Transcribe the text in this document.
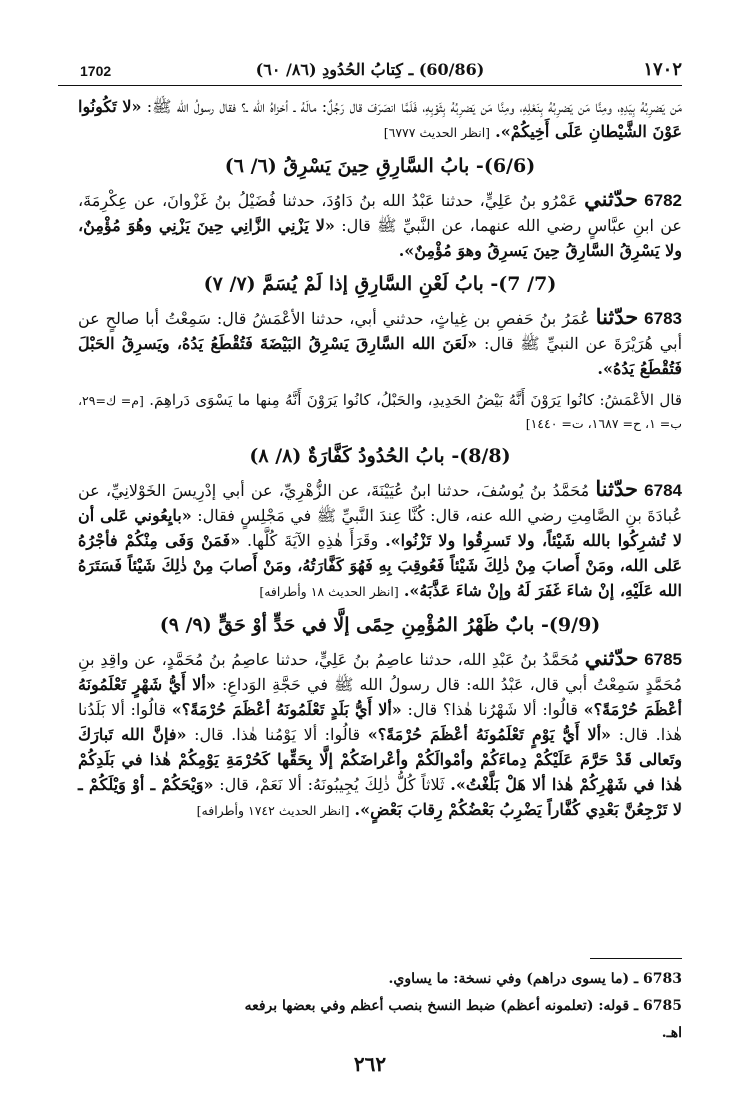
1702	(60/86) ـ كِتابُ الحُدُودِ (٨٦/ ٦٠)	١٧٠٢

مَن يَضرِبُهُ بِيَدِهِ، ومِنَّا مَن يَضرِبُهُ بِنَعْلِهِ، ومِنَّا مَن يَضرِبُهُ بِثَوْبِهِ، فَلَمَّا انصَرَفَ قال رَجُلٌ: مالَهُ ـ أخزاهُ الله ـ؟ فقال رسولُ الله ﷺ: «لا تَكُونُوا عَوْنَ الشَّيْطانِ عَلَى أَخِيكُمْ». [انظر الحديث ٦٧٧٧]

(6/6)- بابُ السَّارِقِ حِينَ يَسْرِقُ (٦/ ٦)

6782 حدّثني عَمْرُو بنُ عَلِيٍّ، حدثنا عَبْدُ الله بنُ دَاوُدَ، حدثنا فُضَيْلُ بنُ غَزْوانَ، عن عِكْرِمَةَ، عن ابنِ عبَّاسٍ رضي الله عنهما، عن النَّبيِّ ﷺ قال: «لا يَزْنِي الزَّانِي حِينَ يَزْنِي وهُوَ مُؤْمِنٌ، ولا يَسْرِقُ السَّارِقُ حِينَ يَسرِقُ وهوَ مُؤْمِنٌ».

(7/ 7)- بابُ لَعْنِ السَّارِقِ إذا لَمْ يُسَمَّ (٧/ ٧)

6783 حدّثنا عُمَرُ بنُ حَفصِ بن غِياثٍ، حدثني أبي، حدثنا الأعْمَشُ قال: سَمِعْتُ أبا صالحٍ عن أبي هُرَيْرَةَ عن النبيِّ ﷺ قال: «لَعَنَ الله السَّارِقَ يَسْرِقُ البَيْضَةَ فَتُقْطَعُ يَدُهُ، ويَسرِقُ الحَبْلَ فَتُقْطَعُ يَدُهُ».

قال الأعْمَشُ: كانُوا يَرَوْنَ أَنَّهُ بَيْضُ الحَدِيدِ، والحَبْلُ، كانُوا يَرَوْنَ أَنَّهُ مِنها ما يَسْوَى دَراهِمَ. [م= ك=٢٩، ب= ١، ح= ١٦٨٧، ت= ١٤٤٠]

(8/8)- بابُ الحُدُودُ كَفَّارَةٌ (٨/ ٨)

6784 حدّثنا مُحَمَّدُ بنُ يُوسُفَ، حدثنا ابنُ عُيَيْنَةَ، عن الزُّهْرِيِّ، عن أبي إدْرِيسَ الخَوْلانِيِّ، عن عُبادَةَ بنِ الصَّامِتِ رضي الله عنه، قال: كُنَّا عِندَ النَّبيِّ ﷺ في مَجْلِسٍ فقال: «بايِعُوني عَلى أن لا تُشرِكُوا بالله شَيْئاً، ولا تَسرِقُوا ولا تَزْنُوا». وقَرَأَ هٰذِهِ الآيَةَ كُلَّها. «فَمَنْ وَفَى مِنْكُمْ فأجْرُهُ عَلى الله، ومَنْ أَصابَ مِنْ ذٰلِكَ شَيْئاً فَعُوقِبَ بِهِ فَهُوَ كَفَّارَتُهُ، ومَنْ أَصابَ مِنْ ذٰلِكَ شَيْئاً فَسَتَرَهُ الله عَلَيْهِ، إنْ شاءَ غَفَرَ لَهُ وإنْ شاءَ عَذَّبَهُ». [انظر الحديث ١٨ وأطرافه]

(9/9)- بابٌ ظَهْرُ المُؤْمِنِ حِمًى إلَّا في حَدٍّ أوْ حَقٍّ (٩/ ٩)

6785 حدّثني مُحَمَّدُ بنُ عَبْدِ الله، حدثنا عاصِمُ بنُ عَلِيٍّ، حدثنا عاصِمُ بنُ مُحَمَّدٍ، عن واقِدِ بنِ مُحَمَّدٍ سَمِعْتُ أبي قال، عَبْدُ الله: قال رسولُ الله ﷺ في حَجَّةِ الوَداعِ: «ألا أَيُّ شَهْرٍ تَعْلَمُونَهُ أعْظَمَ حُرْمَةً؟» قالُوا: ألا شَهْرُنا هٰذا؟ قال: «ألا أَيُّ بَلَدٍ تَعْلَمُونَهُ أعْظَمَ حُرْمَةً؟» قالُوا: ألا بَلَدُنا هٰذا. قال: «ألا أَيُّ يَوْمٍ تَعْلَمُونَهُ أعْظَمَ حُرْمَةً؟» قالُوا: ألا يَوْمُنا هٰذا. قال: «فإنَّ الله تَبارَكَ وتَعالى قَدْ حَرَّمَ عَلَيْكُمْ دِماءَكُمْ وأمْوالَكُمْ وأعْراضَكُمْ إلَّا بِحَقِّها كَحُرْمَةِ يَوْمِكُمْ هٰذا في بَلَدِكُمْ هٰذا في شَهْرِكُمْ هٰذا ألا هَلْ بَلَّغْتُ». ثَلاثاً كُلُّ ذٰلِكَ يُجِيبُونَهُ: ألا نَعَمْ، قال: «وَيْحَكُمْ ـ أوْ وَيْلَكُمْ ـ لا تَرْجِعُنَّ بَعْدِي كُفَّاراً يَضْرِبُ بَعْضُكُمْ رِقابَ بَعْضٍ». [انظر الحديث ١٧٤٢ وأطرافه]

6783 ـ (ما يسوى دراهم) وفي نسخة: ما يساوي.

6785 ـ قوله: (تعلمونه أعظم) ضبط النسخ بنصب أعظم وفي بعضها برفعه اهـ.

٢٦٢
